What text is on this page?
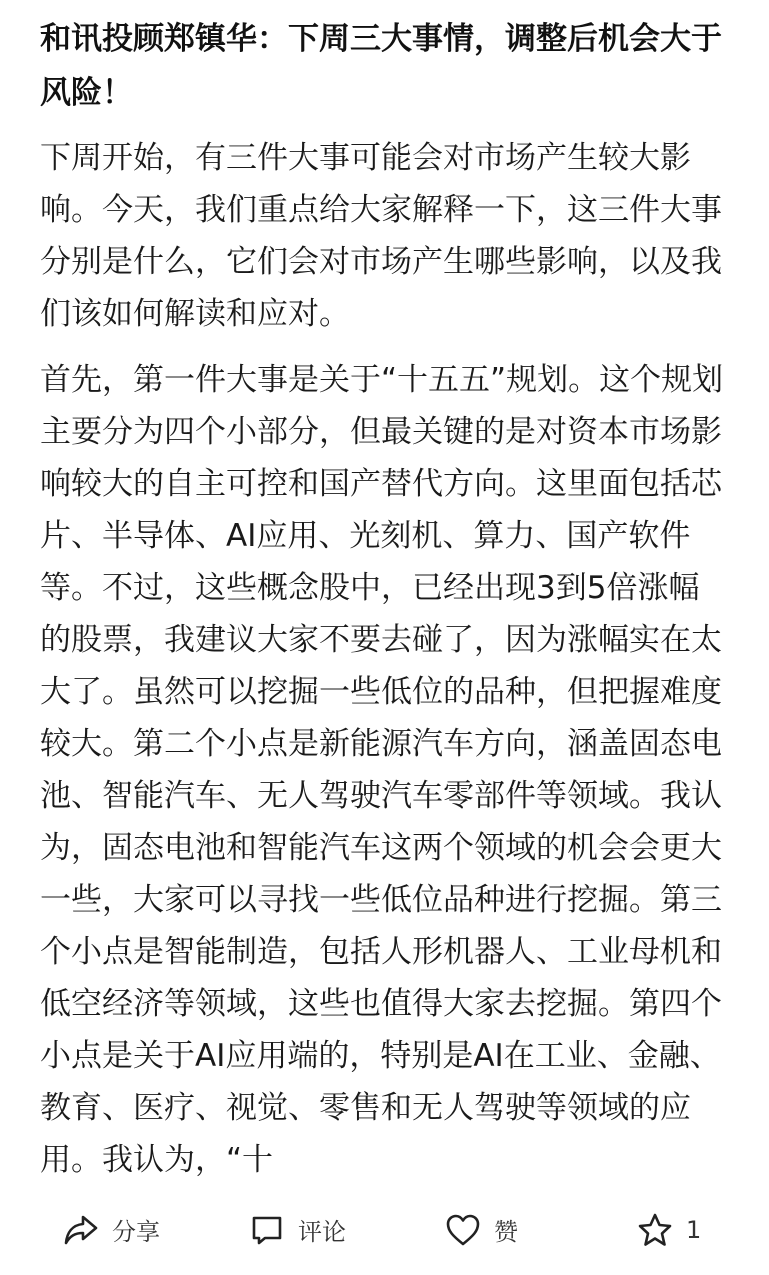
和讯投顾郑镇华：下周三大事情，调整后机会大于风险！

下周开始，有三件大事可能会对市场产生较大影响。今天，我们重点给大家解释一下，这三件大事分别是什么，它们会对市场产生哪些影响，以及我们该如何解读和应对。

首先，第一件大事是关于“十五五”规划。这个规划主要分为四个小部分，但最关键的是对资本市场影响较大的自主可控和国产替代方向。这里面包括芯片、半导体、AI应用、光刻机、算力、国产软件等。不过，这些概念股中，已经出现3到5倍涨幅的股票，我建议大家不要去碰了，因为涨幅实在太大了。虽然可以挖掘一些低位的品种，但把握难度较大。第二个小点是新能源汽车方向，涵盖固态电池、智能汽车、无人驾驶汽车零部件等领域。我认为，固态电池和智能汽车这两个领域的机会会更大一些，大家可以寻找一些低位品种进行挖掘。第三个小点是智能制造，包括人形机器人、工业母机和低空经济等领域，这些也值得大家去挖掘。第四个小点是关于AI应用端的，特别是AI在工业、金融、教育、医疗、视觉、零售和无人驾驶等领域的应用。我认为，“十

分享	评论	赞	1
